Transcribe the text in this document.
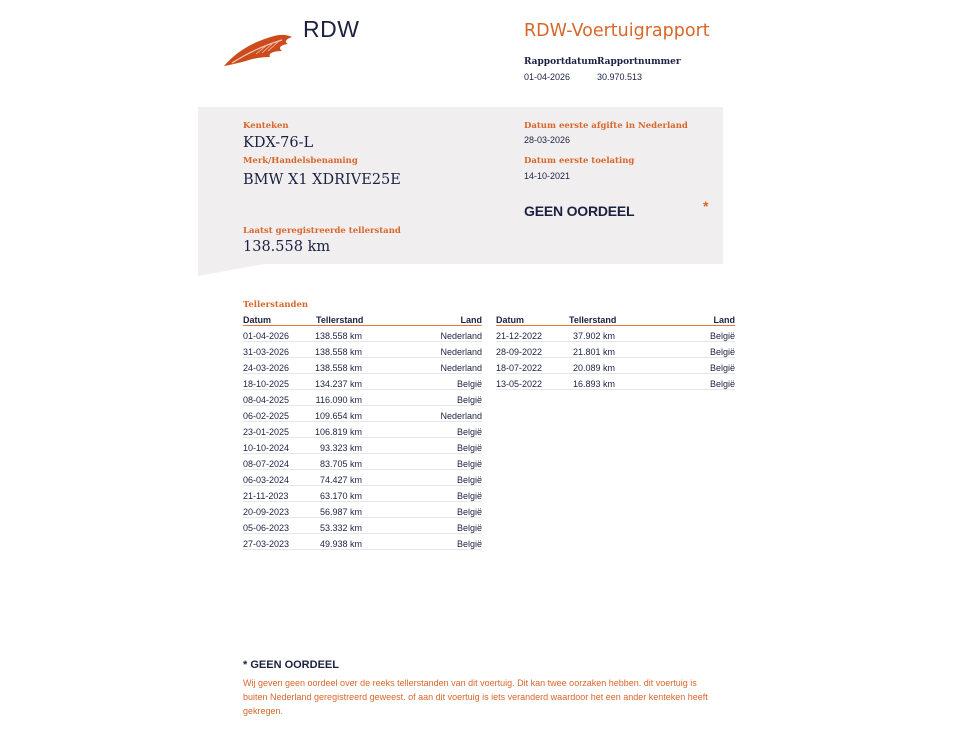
RDW	RDW-Voertuigrapport
Rapportdatum
01-04-2026
Rapportnummer
30.970.513
Kenteken
KDX-76-L
Merk/Handelsbenaming
BMW X1 XDRIVE25E
Laatst geregistreerde tellerstand
138.558 km
Datum eerste afgifte in Nederland
28-03-2026
Datum eerste toelating
14-10-2021
GEEN OORDEEL	*
Tellerstanden
Datum	Tellerstand	Land
01-04-2026	138.558 km	Nederland
31-03-2026	138.558 km	Nederland
24-03-2026	138.558 km	Nederland
18-10-2025	134.237 km	België
08-04-2025	116.090 km	België
06-02-2025	109.654 km	Nederland
23-01-2025	106.819 km	België
10-10-2024	93.323 km	België
08-07-2024	83.705 km	België
06-03-2024	74.427 km	België
21-11-2023	63.170 km	België
20-09-2023	56.987 km	België
05-06-2023	53.332 km	België
27-03-2023	49.938 km	België
Datum	Tellerstand	Land
21-12-2022	37.902 km	België
28-09-2022	21.801 km	België
18-07-2022	20.089 km	België
13-05-2022	16.893 km	België
* GEEN OORDEEL
Wij geven geen oordeel over de reeks tellerstanden van dit voertuig. Dit kan twee oorzaken hebben. dit voertuig is buiten Nederland geregistreerd geweest. of aan dit voertuig is iets veranderd waardoor het een ander kenteken heeft gekregen.
